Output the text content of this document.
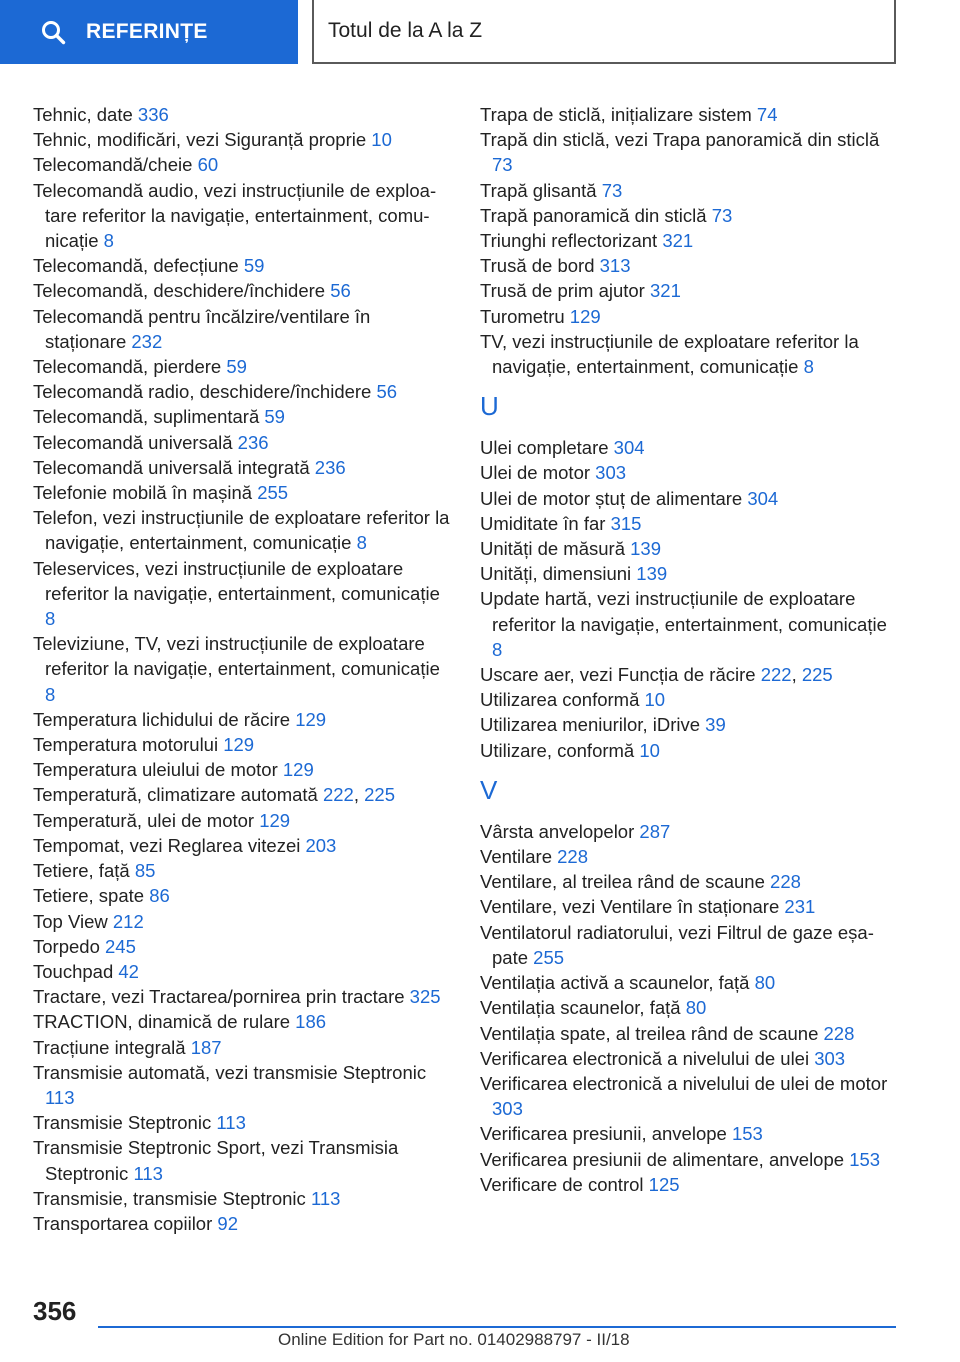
REFERINȚE	Totul de la A la Z
Tehnic, date 336
Tehnic, modificări, vezi Siguranță proprie 10
Telecomandă/cheie 60
Telecomandă audio, vezi instrucțiunile de exploatare referitor la navigație, entertainment, comunicație 8
Telecomandă, defecțiune 59
Telecomandă, deschidere/închidere 56
Telecomandă pentru încălzire/ventilare în staționare 232
Telecomandă, pierdere 59
Telecomandă radio, deschidere/închidere 56
Telecomandă, suplimentară 59
Telecomandă universală 236
Telecomandă universală integrată 236
Telefonie mobilă în mașină 255
Telefon, vezi instrucțiunile de exploatare referitor la navigație, entertainment, comunicație 8
Teleservices, vezi instrucțiunile de exploatare referitor la navigație, entertainment, comunicație 8
Televiziune, TV, vezi instrucțiunile de exploatare referitor la navigație, entertainment, comunicație 8
Temperatura lichidului de răcire 129
Temperatura motorului 129
Temperatura uleiului de motor 129
Temperatură, climatizare automată 222, 225
Temperatură, ulei de motor 129
Tempomat, vezi Reglarea vitezei 203
Tetiere, față 85
Tetiere, spate 86
Top View 212
Torpedo 245
Touchpad 42
Tractare, vezi Tractarea/pornirea prin tractare 325
TRACTION, dinamică de rulare 186
Tracțiune integrală 187
Transmisie automată, vezi transmisie Steptronic 113
Transmisie Steptronic 113
Transmisie Steptronic Sport, vezi Transmisia Steptronic 113
Transmisie, transmisie Steptronic 113
Transportarea copiilor 92
Trapa de sticlă, inițializare sistem 74
Trapă din sticlă, vezi Trapa panoramică din sticlă 73
Trapă glisantă 73
Trapă panoramică din sticlă 73
Triunghi reflectorizant 321
Trusă de bord 313
Trusă de prim ajutor 321
Turometru 129
TV, vezi instrucțiunile de exploatare referitor la navigație, entertainment, comunicație 8
U
Ulei completare 304
Ulei de motor 303
Ulei de motor ștuț de alimentare 304
Umiditate în far 315
Unități de măsură 139
Unități, dimensiuni 139
Update hartă, vezi instrucțiunile de exploatare referitor la navigație, entertainment, comunicație 8
Uscare aer, vezi Funcția de răcire 222, 225
Utilizarea conformă 10
Utilizarea meniurilor, iDrive 39
Utilizare, conformă 10
V
Vârsta anvelopelor 287
Ventilare 228
Ventilare, al treilea rând de scaune 228
Ventilare, vezi Ventilare în staționare 231
Ventilatorul radiatorului, vezi Filtrul de gaze eșapate 255
Ventilația activă a scaunelor, față 80
Ventilația scaunelor, față 80
Ventilația spate, al treilea rând de scaune 228
Verificarea electronică a nivelului de ulei 303
Verificarea electronică a nivelului de ulei de motor 303
Verificarea presiunii, anvelope 153
Verificarea presiunii de alimentare, anvelope 153
Verificare de control 125
356
Online Edition for Part no. 01402988797 - II/18
